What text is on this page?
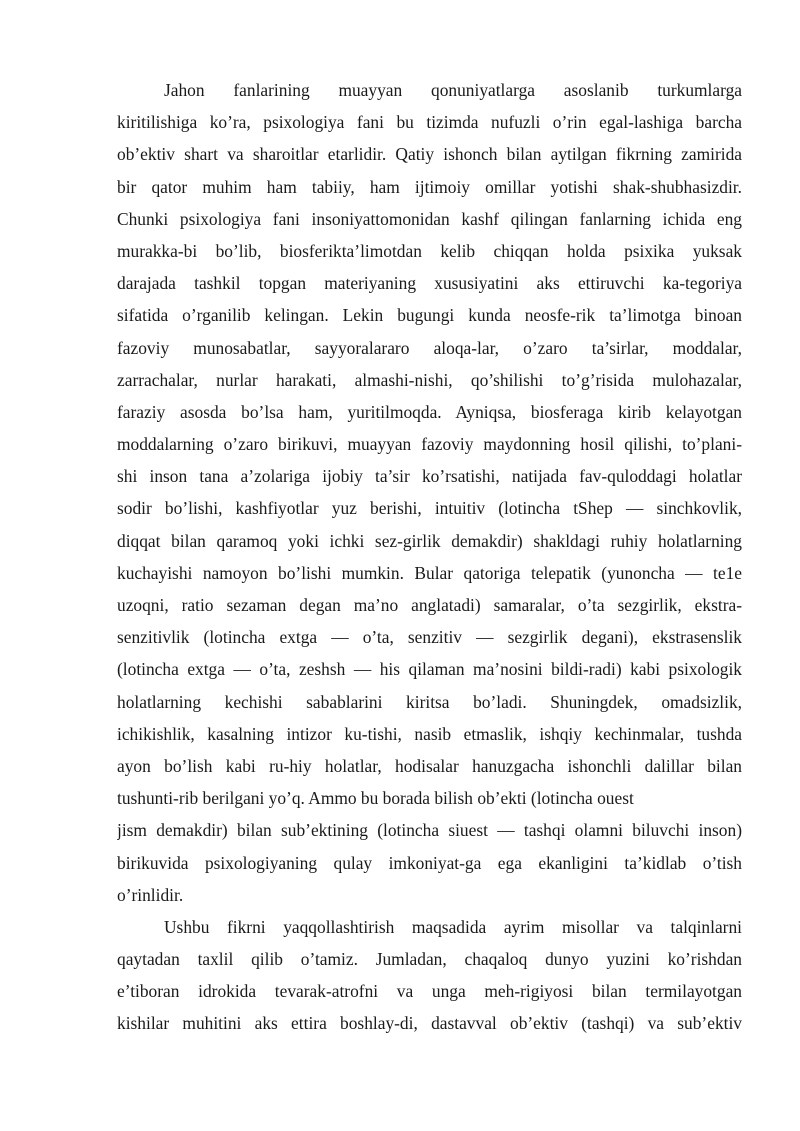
Jahon fanlarining muayyan qonuniyatlarga asoslanib turkumlarga
kiritilishiga ko’ra, psixologiya fani bu tizimda nufuzli o’rin egal-lashiga barcha
ob’ektiv shart va sharoitlar etarlidir. Qatiy ishonch bilan aytilgan fikrning zamirida
bir qator muhim ham tabiiy, ham ijtimoiy omillar yotishi shak-shubhasizdir.
Chunki psixologiya fani insoniyattomonidan kashf qilingan fanlarning ichida eng
murakka-bi bo’lib, biosferikta’limotdan kelib chiqqan holda psixika yuksak
darajada tashkil topgan materiyaning xususiyatini aks ettiruvchi ka-tegoriya
sifatida o’rganilib kelingan. Lekin bugungi kunda neosfe-rik ta’limotga binoan
fazoviy munosabatlar, sayyoralararo aloqa-lar, o’zaro ta’sirlar, moddalar,
zarrachalar, nurlar harakati, almashi-nishi, qo’shilishi to’g’risida mulohazalar,
faraziy asosda bo’lsa ham, yuritilmoqda. Ayniqsa, biosferaga kirib kelayotgan
moddalarning o’zaro birikuvi, muayyan fazoviy maydonning hosil qilishi, to’plani-
shi inson tana a’zolariga ijobiy ta’sir ko’rsatishi, natijada fav-quloddagi holatlar
sodir bo’lishi, kashfiyotlar yuz berishi, intuitiv (lotincha tShep — sinchkovlik,
diqqat bilan qaramoq yoki ichki sez-girlik demakdir) shakldagi ruhiy holatlarning
kuchayishi namoyon bo’lishi mumkin. Bular qatoriga telepatik (yunoncha — te1e
uzoqni, ratio sezaman degan ma’no anglatadi) samaralar, o’ta sezgirlik, ekstra-
senzitivlik (lotincha extga — o’ta, senzitiv — sezgirlik degani), ekstrasenslik
(lotincha extga — o’ta, zeshsh — his qilaman ma’nosini bildi-radi) kabi psixologik
holatlarning kechishi sabablarini kiritsa bo’ladi. Shuningdek, omadsizlik,
ichikishlik, kasalning intizor ku-tishi, nasib etmaslik, ishqiy kechinmalar, tushda
ayon bo’lish kabi ru-hiy holatlar, hodisalar hanuzgacha ishonchli dalillar bilan
tushunti-rib berilgani yo’q. Ammo bu borada bilish ob’ekti (lotincha ouest
jism demakdir) bilan sub’ektining (lotincha siuest — tashqi olamni biluvchi inson)
birikuvida psixologiyaning qulay imkoniyat-ga ega ekanligini ta’kidlab o’tish
o’rinlidir.
Ushbu fikrni yaqqollashtirish maqsadida ayrim misollar va talqinlarni
qaytadan taxlil qilib o’tamiz. Jumladan, chaqaloq dunyo yuzini ko’rishdan
e’tiboran idrokida tevarak-atrofni va unga meh-rigiyosi bilan termilayotgan
kishilar muhitini aks ettira boshlay-di, dastavval ob’ektiv (tashqi) va sub’ektiv
